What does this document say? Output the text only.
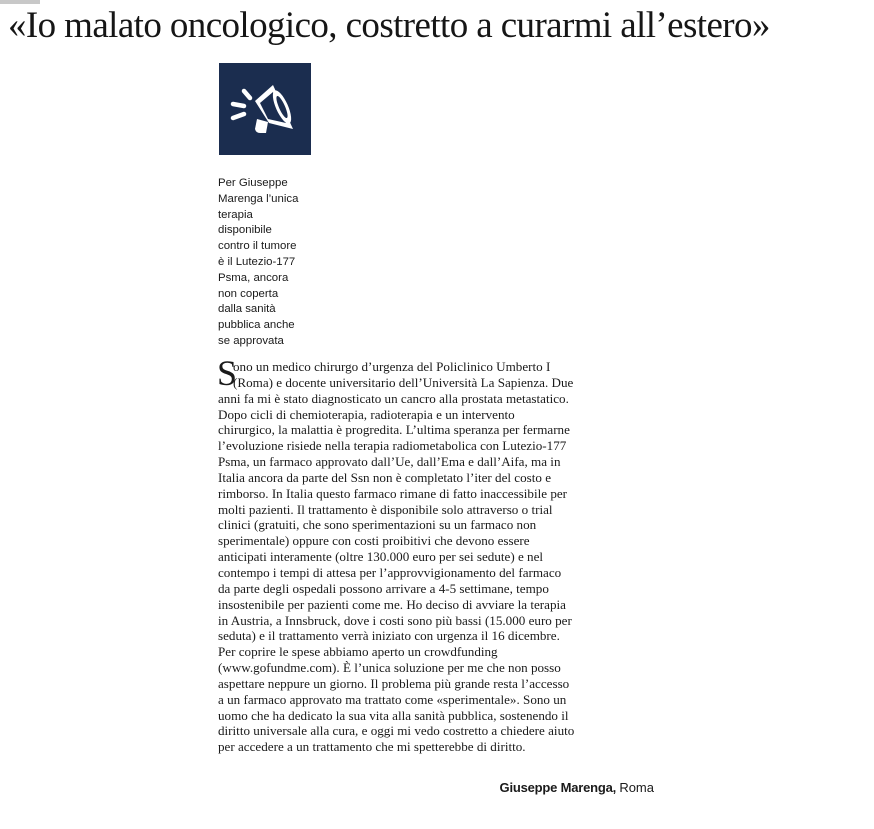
«Io malato oncologico, costretto a curarmi all’estero»
Per Giuseppe
Marenga l’unica
terapia
disponibile
contro il tumore
è il Lutezio-177
Psma, ancora
non coperta
dalla sanità
pubblica anche
se approvata
S
ono un medico chirurgo d’urgenza del Policlinico Umberto I
(Roma) e docente universitario dell’Università La Sapienza. Due
anni fa mi è stato diagnosticato un cancro alla prostata metastatico.
Dopo cicli di chemioterapia, radioterapia e un intervento
chirurgico, la malattia è progredita. L’ultima speranza per fermarne
l’evoluzione risiede nella terapia radiometabolica con Lutezio-177
Psma, un farmaco approvato dall’Ue, dall’Ema e dall’Aifa, ma in
Italia ancora da parte del Ssn non è completato l’iter del costo e
rimborso. In Italia questo farmaco rimane di fatto inaccessibile per
molti pazienti. Il trattamento è disponibile solo attraverso o trial
clinici (gratuiti, che sono sperimentazioni su un farmaco non
sperimentale) oppure con costi proibitivi che devono essere
anticipati interamente (oltre 130.000 euro per sei sedute) e nel
contempo i tempi di attesa per l’approvvigionamento del farmaco
da parte degli ospedali possono arrivare a 4-5 settimane, tempo
insostenibile per pazienti come me. Ho deciso di avviare la terapia
in Austria, a Innsbruck, dove i costi sono più bassi (15.000 euro per
seduta) e il trattamento verrà iniziato con urgenza il 16 dicembre.
Per coprire le spese abbiamo aperto un crowdfunding
(www.gofundme.com). È l’unica soluzione per me che non posso
aspettare neppure un giorno. Il problema più grande resta l’accesso
a un farmaco approvato ma trattato come «sperimentale». Sono un
uomo che ha dedicato la sua vita alla sanità pubblica, sostenendo il
diritto universale alla cura, e oggi mi vedo costretto a chiedere aiuto
per accedere a un trattamento che mi spetterebbe di diritto.
Giuseppe Marenga, Roma
